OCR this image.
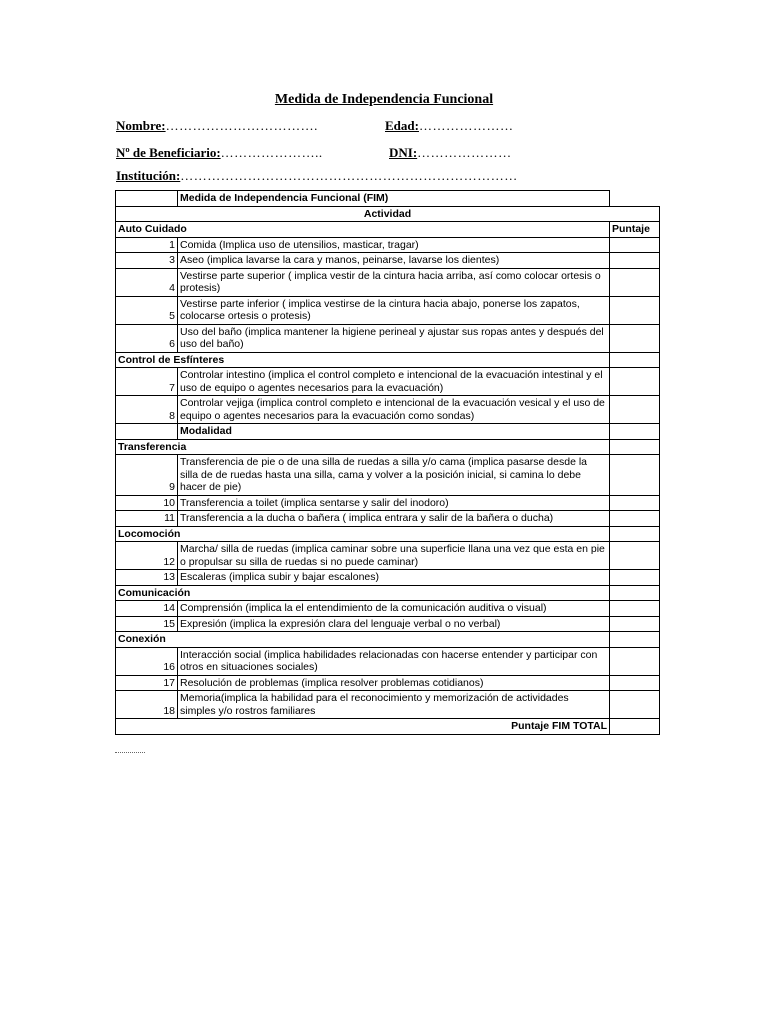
Medida de Independencia Funcional
Nombre:…………………………….	Edad:…………………
Nº de Beneficiario:…………………..	DNI:…………………
Institución:…………………………………………………………………
	Medida de Independencia Funcional (FIM)	
Actividad		
Auto Cuidado		Puntaje
1	Comida (Implica uso de utensilios, masticar, tragar)	
3	Aseo (implica lavarse la cara y manos, peinarse, lavarse los dientes)	
4	Vestirse parte superior ( implica vestir de la cintura hacia arriba, así como colocar ortesis o protesis)	
5	Vestirse parte inferior ( implica vestirse de la cintura hacia abajo, ponerse los zapatos, colocarse ortesis o protesis)	
6	Uso del baño (implica mantener la higiene perineal y ajustar sus ropas antes y después del uso del baño)	
Control de Esfínteres		
7	Controlar intestino (implica el control completo e intencional de la evacuación intestinal y el uso de equipo o agentes necesarios para la evacuación)	
8	Controlar vejiga (implica control completo e intencional de la evacuación vesical y el uso de equipo o agentes necesarios para la evacuación como sondas)	
	Modalidad	
Transferencia		
9	Transferencia de pie o de una silla de ruedas a silla y/o cama (implica pasarse desde la silla de de ruedas hasta una silla, cama y volver a la posición inicial, si camina lo debe hacer de pie)	
10	Transferencia a toilet (implica sentarse y salir del inodoro)	
11	Transferencia a la ducha o bañera ( implica entrara y salir de la bañera o ducha)	
Locomoción		
12	Marcha/ silla de ruedas (implica caminar sobre una superficie llana una vez que esta en pie o propulsar su silla de ruedas si no puede caminar)	
13	Escaleras (implica subir y bajar escalones)	
Comunicación		
14	Comprensión (implica la el entendimiento de la comunicación auditiva o visual)	
15	Expresión (implica la expresión clara del lenguaje verbal o no verbal)	
Conexión		
16	Interacción social (implica habilidades relacionadas con hacerse entender y participar con otros en situaciones sociales)	
17	Resolución de problemas (implica resolver problemas cotidianos)	
18	Memoria(implica la habilidad para el reconocimiento y memorización de actividades simples y/o rostros familiares	
Puntaje FIM TOTAL		
